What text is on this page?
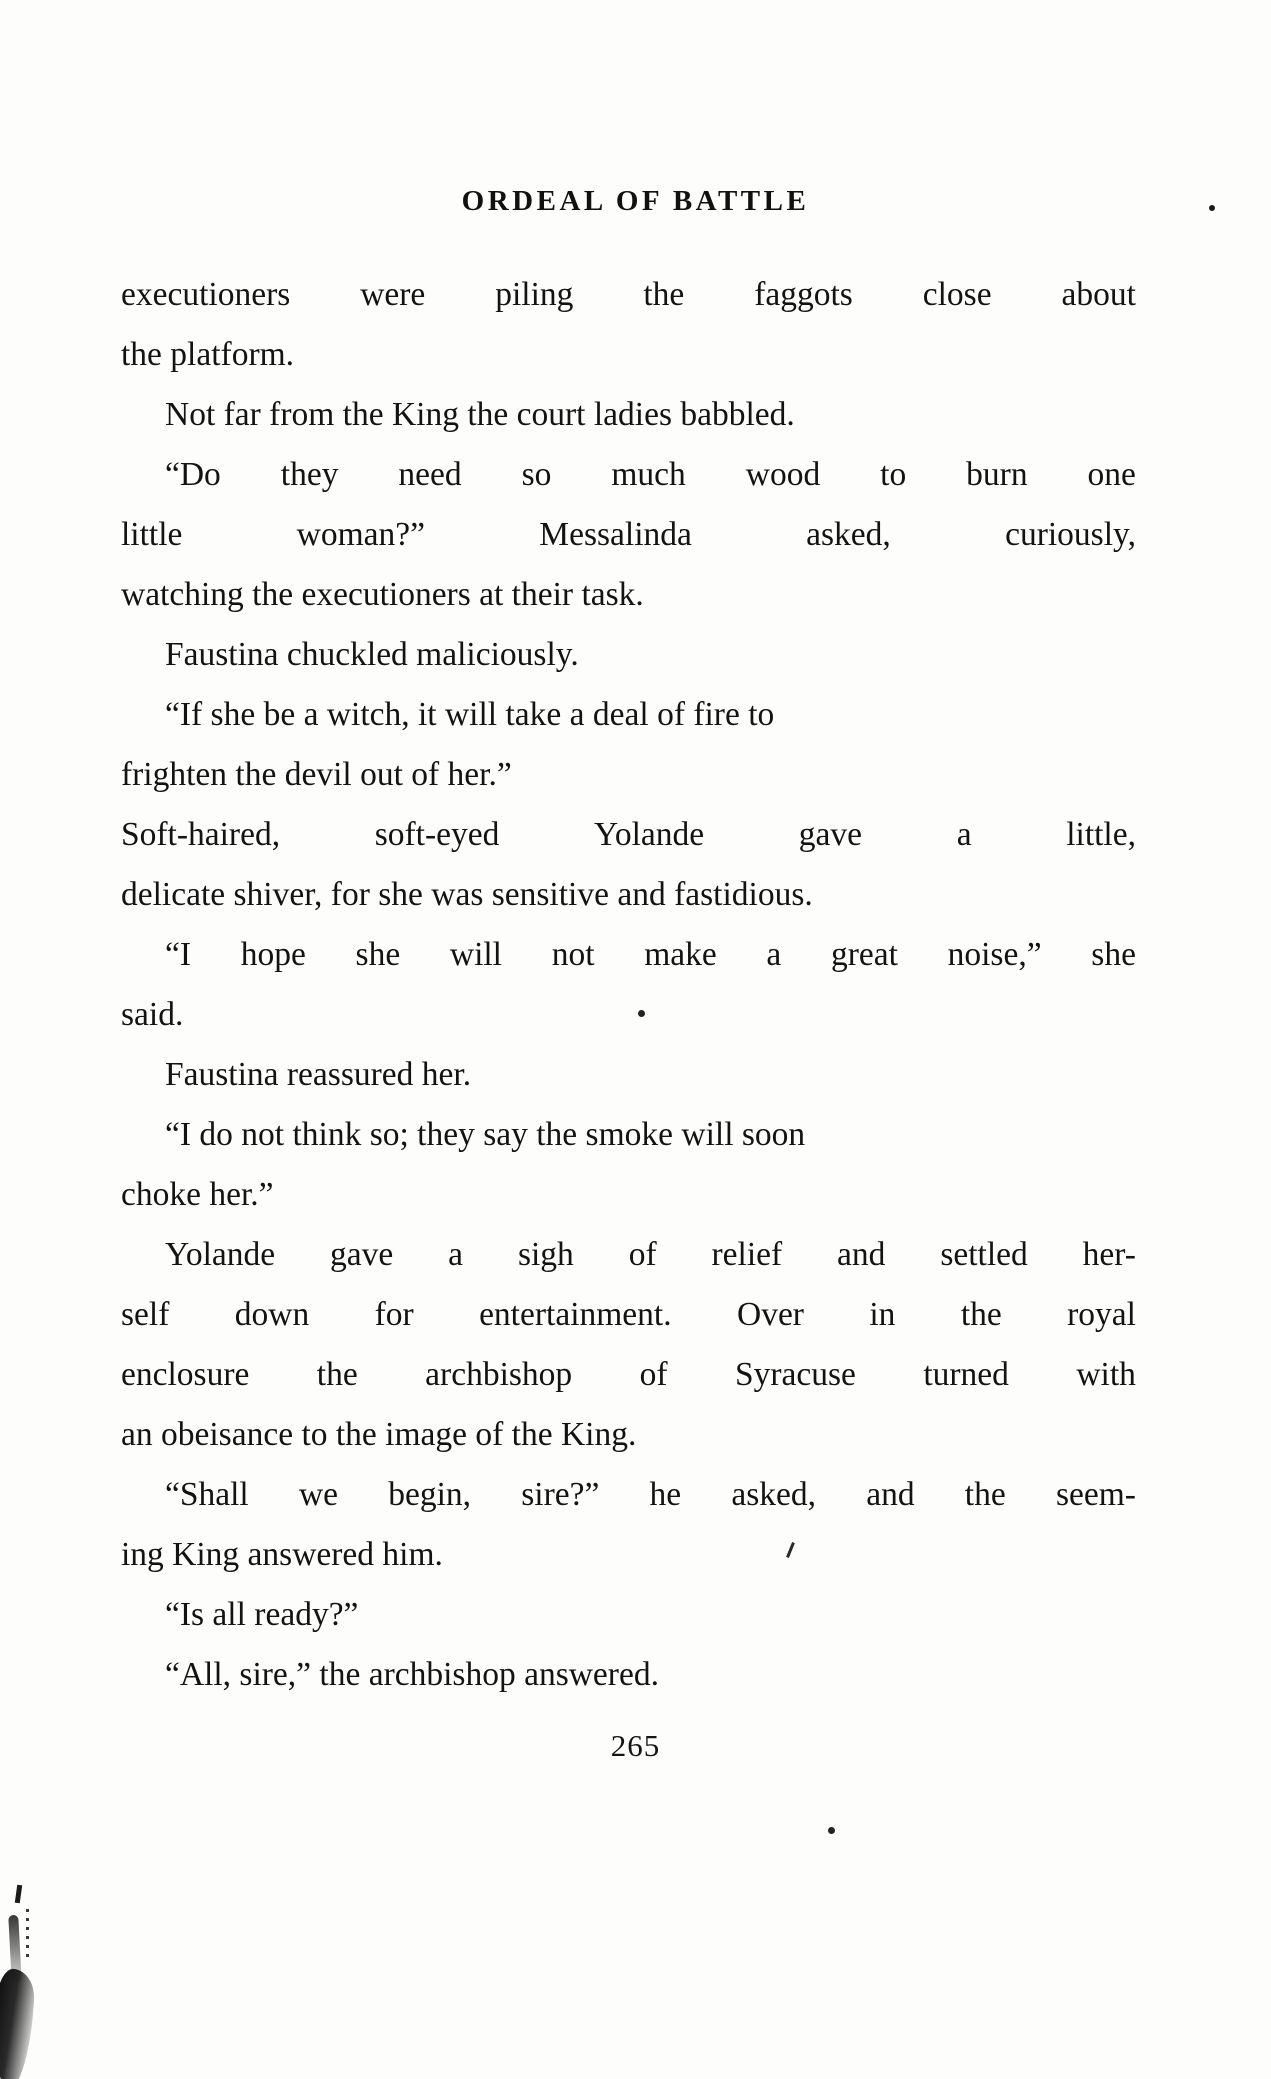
ORDEAL OF BATTLE

executioners were piling the faggots close about
the platform.

Not far from the King the court ladies babbled.

“Do they need so much wood to burn one
little	woman?”	Messalinda	asked,	curiously,
watching the executioners at their task.

Faustina chuckled maliciously.

“If she be a witch, it will take a deal of fire to
frighten the devil out of her.”

Soft-haired,	soft-eyed	Yolande	gave	a	little,
delicate shiver, for she was sensitive and fastidious.

“I hope she will not make a great noise,” she
said.

Faustina reassured her.

“I do not think so; they say the smoke will soon
choke her.”

Yolande gave a sigh of relief and settled her-
self down for entertainment. Over in the royal
enclosure the archbishop of Syracuse turned with
an obeisance to the image of the King.

“Shall we begin, sire?” he asked, and the seem-
ing King answered him.

“Is all ready?”

“All, sire,” the archbishop answered.

265
